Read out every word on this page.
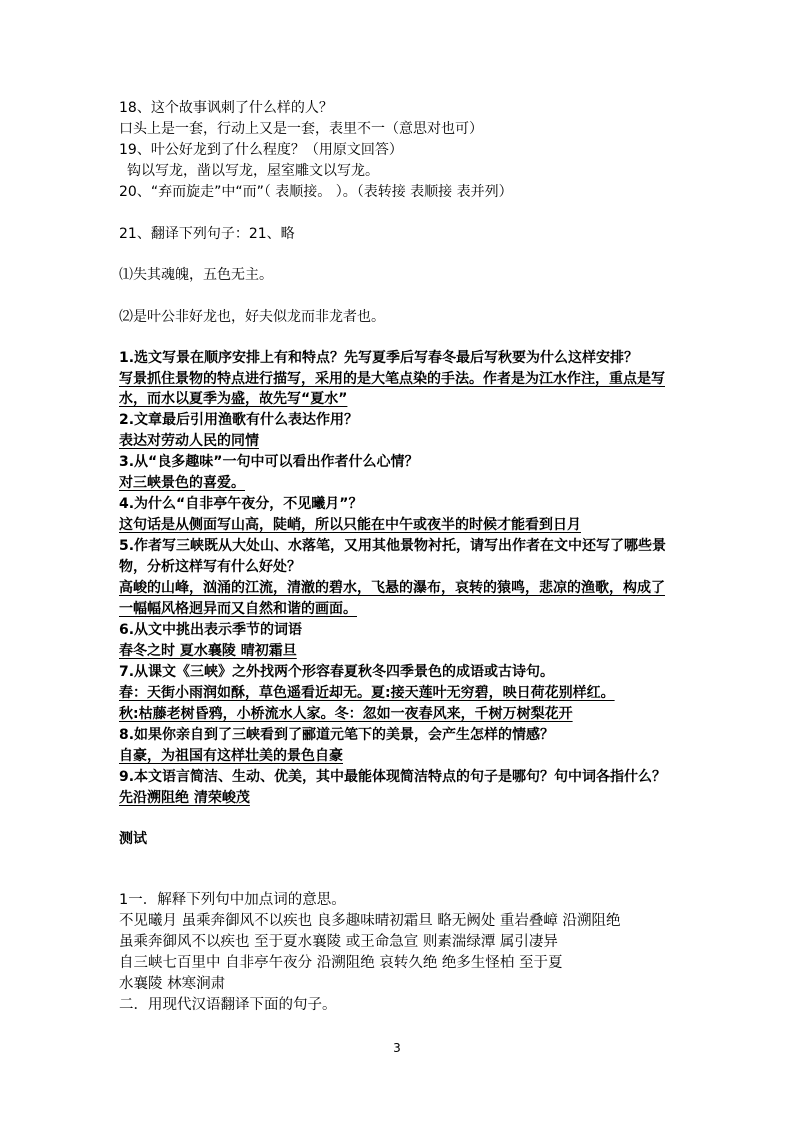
18、这个故事讽刺了什么样的人？
口头上是一套，行动上又是一套，表里不一（意思对也可）
19、叶公好龙到了什么程度？（用原文回答）
钩以写龙，凿以写龙，屋室雕文以写龙。
20、“弃而旋走”中“而”（ 表顺接。 ）。（表转接 表顺接 表并列）
21、翻译下列句子：21、略
⑴失其魂魄，五色无主。
⑵是叶公非好龙也，好夫似龙而非龙者也。
1.选文写景在顺序安排上有和特点？先写夏季后写春冬最后写秋要为什么这样安排？
写景抓住景物的特点进行描写，采用的是大笔点染的手法。作者是为江水作注，重点是写
水，而水以夏季为盛，故先写“夏水”
2.文章最后引用渔歌有什么表达作用？
表达对劳动人民的同情
3.从“良多趣味”一句中可以看出作者什么心情？
对三峡景色的喜爱。
4.为什么“自非亭午夜分，不见曦月”？
这句话是从侧面写山高，陡峭，所以只能在中午或夜半的时候才能看到日月
5.作者写三峡既从大处山、水落笔，又用其他景物衬托，请写出作者在文中还写了哪些景
物，分析这样写有什么好处？
高峻的山峰，汹涌的江流，清澈的碧水，飞悬的瀑布，哀转的猿鸣，悲凉的渔歌，构成了
一幅幅风格迥异而又自然和谐的画面。
6.从文中挑出表示季节的词语
春冬之时 夏水襄陵 晴初霜旦
7.从课文《三峡》之外找两个形容春夏秋冬四季景色的成语或古诗句。
春：天街小雨润如酥，草色遥看近却无。夏:接天莲叶无穷碧，映日荷花别样红。
秋:枯藤老树昏鸦，小桥流水人家。冬：忽如一夜春风来，千树万树梨花开
8.如果你亲自到了三峡看到了郦道元笔下的美景，会产生怎样的情感？
自豪，为祖国有这样壮美的景色自豪
9.本文语言简洁、生动、优美，其中最能体现简洁特点的句子是哪句？句中词各指什么？
先沿溯阻绝 清荣峻茂
测试
1一．解释下列句中加点词的意思。
不见曦月 虽乘奔御风不以疾也 良多趣味晴初霜旦 略无阙处 重岩叠嶂 沿溯阻绝
虽乘奔御风不以疾也 至于夏水襄陵 或王命急宣 则素湍绿潭 属引凄异
自三峡七百里中 自非亭午夜分 沿溯阻绝 哀转久绝 绝多生怪柏 至于夏
水襄陵 林寒涧肃
二．用现代汉语翻译下面的句子。
3
